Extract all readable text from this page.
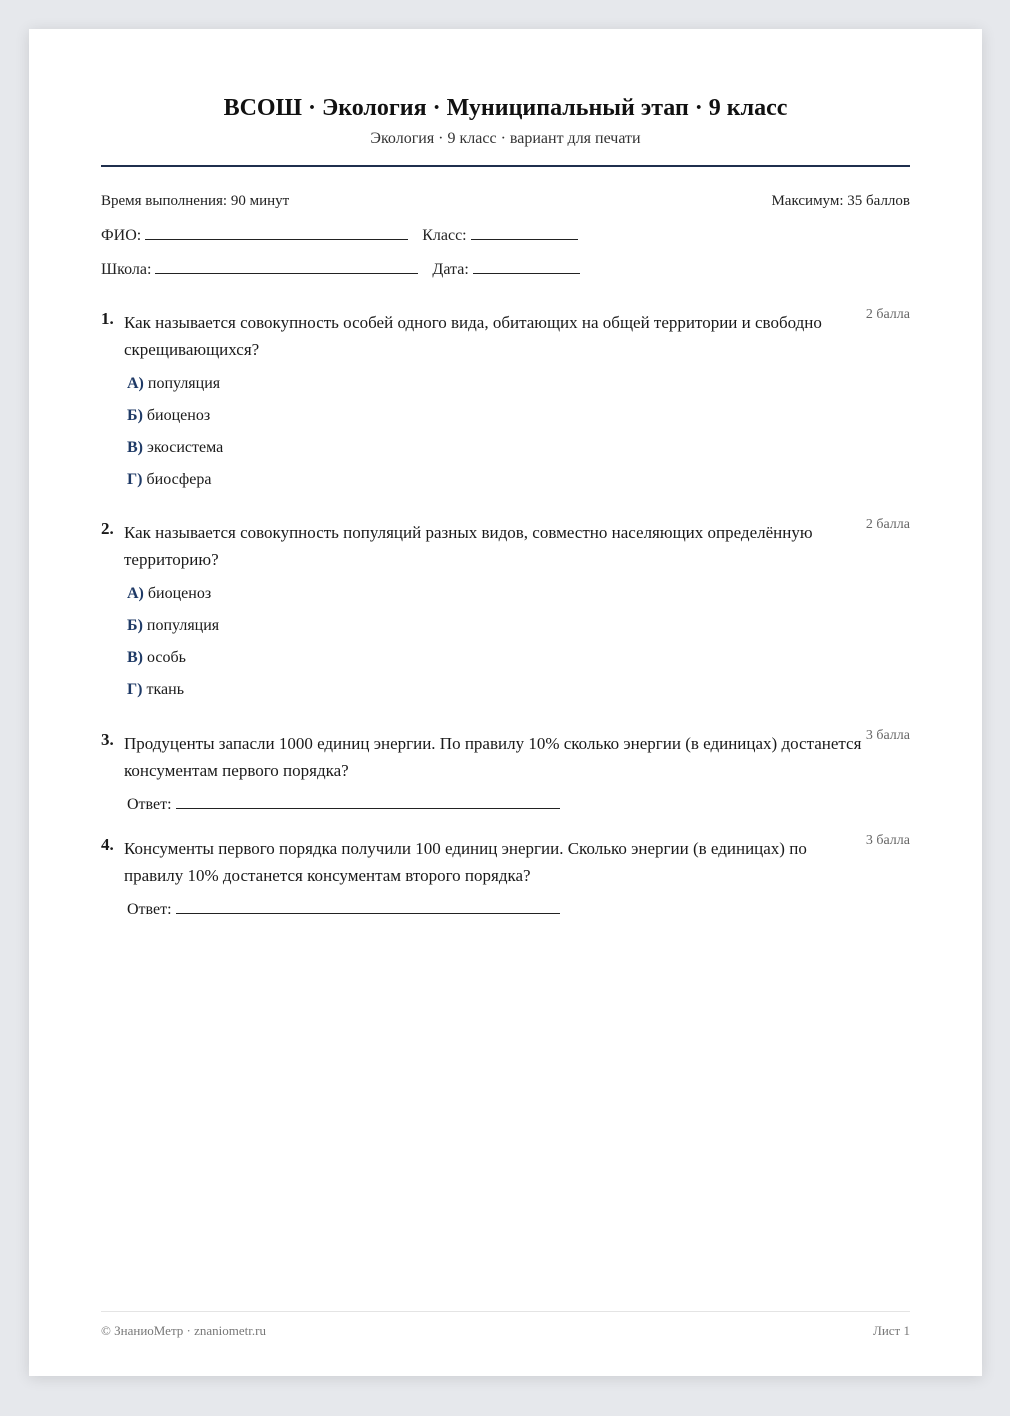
ВСОШ · Экология · Муниципальный этап · 9 класс
Экология · 9 класс · вариант для печати
Время выполнения: 90 минут	Максимум: 35 баллов
ФИО:	Класс:
Школа:	Дата:
1. Как называется совокупность особей одного вида, обитающих на общей территории и свободно скрещивающихся?
2 балла
А) популяция
Б) биоценоз
В) экосистема
Г) биосфера
2. Как называется совокупность популяций разных видов, совместно населяющих определённую территорию?
2 балла
А) биоценоз
Б) популяция
В) особь
Г) ткань
3. Продуценты запасли 1000 единиц энергии. По правилу 10% сколько энергии (в единицах) достанется консументам первого порядка?
3 балла
Ответ:
4. Консументы первого порядка получили 100 единиц энергии. Сколько энергии (в единицах) по правилу 10% достанется консументам второго порядка?
3 балла
Ответ:
© ЗнаниоМетр · znaniometr.ru	Лист 1
